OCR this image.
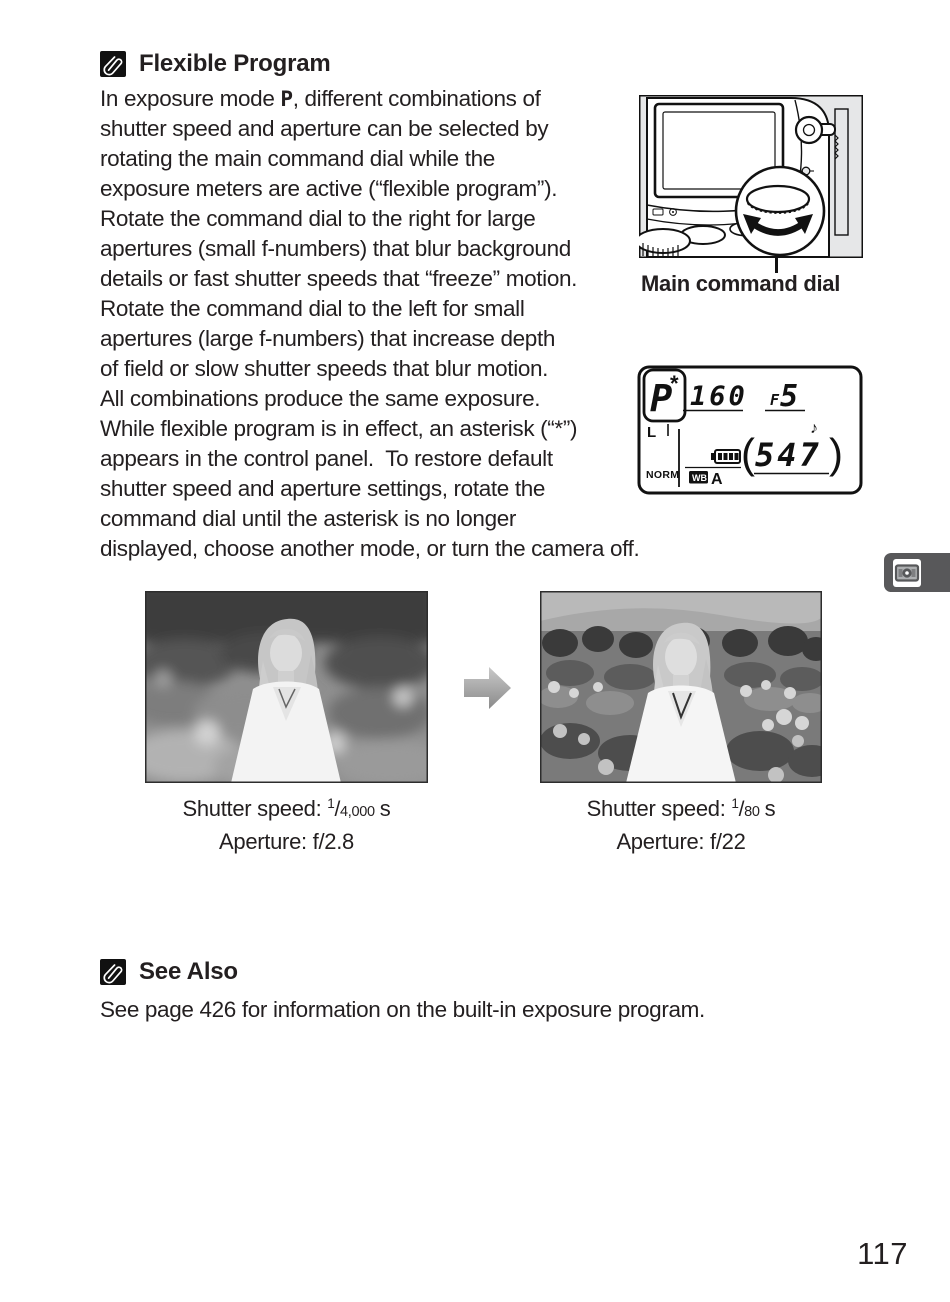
Flexible Program
In exposure mode P, different combinations of
shutter speed and aperture can be selected by
rotating the main command dial while the
exposure meters are active (“flexible program”).
Rotate the command dial to the right for large
apertures (small f-numbers) that blur background
details or fast shutter speeds that “freeze” motion.
Rotate the command dial to the left for small
apertures (large f-numbers) that increase depth
of field or slow shutter speeds that blur motion.
All combinations produce the same exposure.
While flexible program is in effect, an asterisk (“*”)
appears in the control panel.  To restore default
shutter speed and aperture settings, rotate the
command dial until the asterisk is no longer
displayed, choose another mode, or turn the camera off.
Main command dial
P
*
L
160 F 5
♪
NORM WB A
( 547 )
Shutter speed: $^1$/4,000 s
Aperture: f/2.8
Shutter speed: $^1$/80 s
Aperture: f/22
See Also
See page 426 for information on the built-in exposure program.
117
